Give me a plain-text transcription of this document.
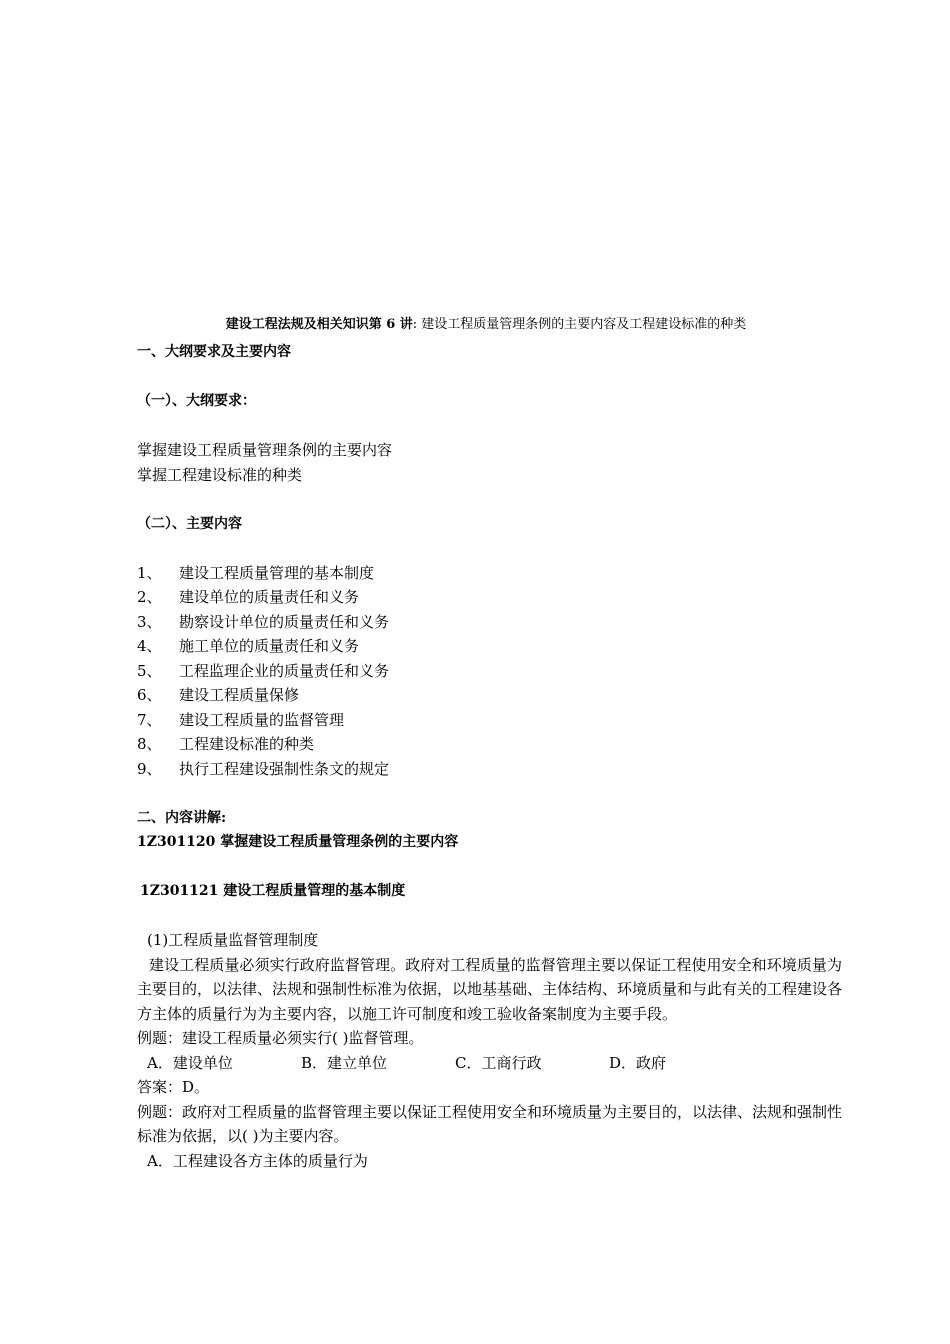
建设工程法规及相关知识第 6 讲: 建设工程质量管理条例的主要内容及工程建设标准的种类
一、大纲要求及主要内容
（一）、大纲要求：
掌握建设工程质量管理条例的主要内容
掌握工程建设标准的种类
（二）、主要内容
1、	建设工程质量管理的基本制度
2、	建设单位的质量责任和义务
3、	勘察设计单位的质量责任和义务
4、	施工单位的质量责任和义务
5、	工程监理企业的质量责任和义务
6、	建设工程质量保修
7、	建设工程质量的监督管理
8、	工程建设标准的种类
9、	执行工程建设强制性条文的规定
二、内容讲解:
1Z301120 掌握建设工程质量管理条例的主要内容
1Z301121 建设工程质量管理的基本制度
(1)工程质量监督管理制度
建设工程质量必须实行政府监督管理。政府对工程质量的监督管理主要以保证工程使用安全和环境质量为主要目的，以法律、法规和强制性标准为依据，以地基基础、主体结构、环境质量和与此有关的工程建设各方主体的质量行为为主要内容，以施工许可制度和竣工验收备案制度为主要手段。
例题：建设工程质量必须实行( )监督管理。
A．建设单位	B．建立单位	C．工商行政	D．政府
答案：D。
例题：政府对工程质量的监督管理主要以保证工程使用安全和环境质量为主要目的，以法律、法规和强制性标准为依据，以( )为主要内容。
A．工程建设各方主体的质量行为
